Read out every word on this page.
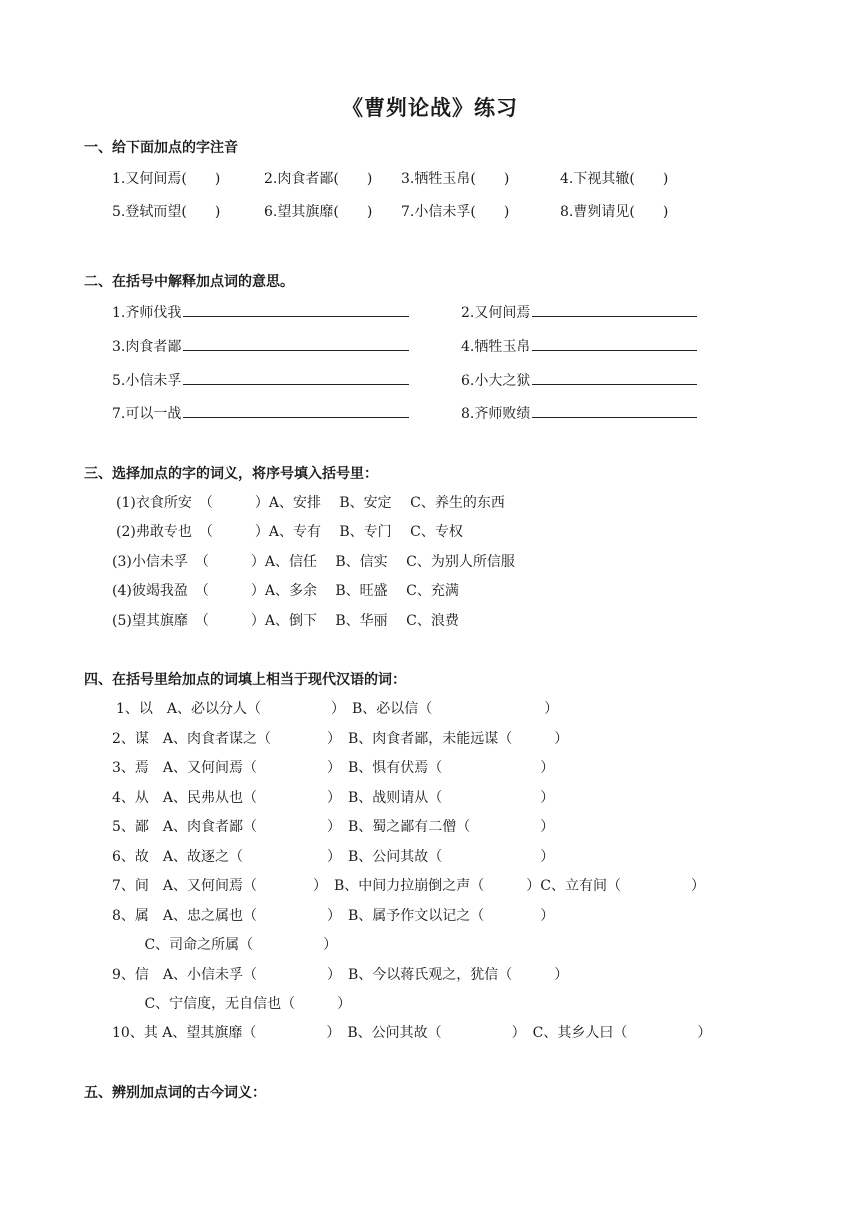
《曹刿论战》练习
一、给下面加点的字注音
1.又何间焉(　　)	2.肉食者鄙(　　) 3.牺牲玉帛(　　)	4.下视其辙(　　)
5.登轼而望(　　)	6.望其旗靡(　　) 7.小信未孚(　　)	8.曹刿请见(　　)
二、在括号中解释加点词的意思。
1.齐师伐我	2.又何间焉
3.肉食者鄙	4.牺牲玉帛
5.小信未孚	6.小大之狱
7.可以一战	8.齐师败绩
三、选择加点的字的词义，将序号填入括号里：
(1)衣食所安　（　　　）A、安排　 B、安定　 C、养生的东西
(2)弗敢专也　（　　　）A、专有　 B、专门　 C、专权
(3)小信未孚　（　　　）A、信任　 B、信实　 C、为别人所信服
(4)彼竭我盈　（　　　）A、多余　 B、旺盛　 C、充满
(5)望其旗靡　（　　　）A、倒下　 B、华丽　 C、浪费
四、在括号里给加点的词填上相当于现代汉语的词：
1、以　A、必以分人（　　　　　）　B、必以信（　　　　　　　　）
2、谋　A、肉食者谋之（　　　　）　B、肉食者鄙，未能远谋（　　　）
3、焉　A、又何间焉（　　　　　）　B、惧有伏焉（　　　　　　　）
4、从　A、民弗从也（　　　　　）　B、战则请从（　　　　　　　）
5、鄙　A、肉食者鄙（　　　　　）　B、蜀之鄙有二僧（　　　　　）
6、故　A、故逐之（　　　　　　）　B、公问其故（　　　　　　　）
7、间　A、又何间焉（　　　　）　B、中间力拉崩倒之声（　　　）C、立有间（　　　　　）
8、属　A、忠之属也（　　　　　）　B、属予作文以记之（　　　　）
　　 C、司命之所属（　　　　　）
9、信　A、小信未孚（　　　　　）　B、今以蒋氏观之，犹信（　　　）
　　 C、宁信度，无自信也（　　　）
10、其 A、望其旗靡（　　　　　）　B、公问其故（　　　　　）　C、其乡人曰（　　　　　）
五、辨别加点词的古今词义：
